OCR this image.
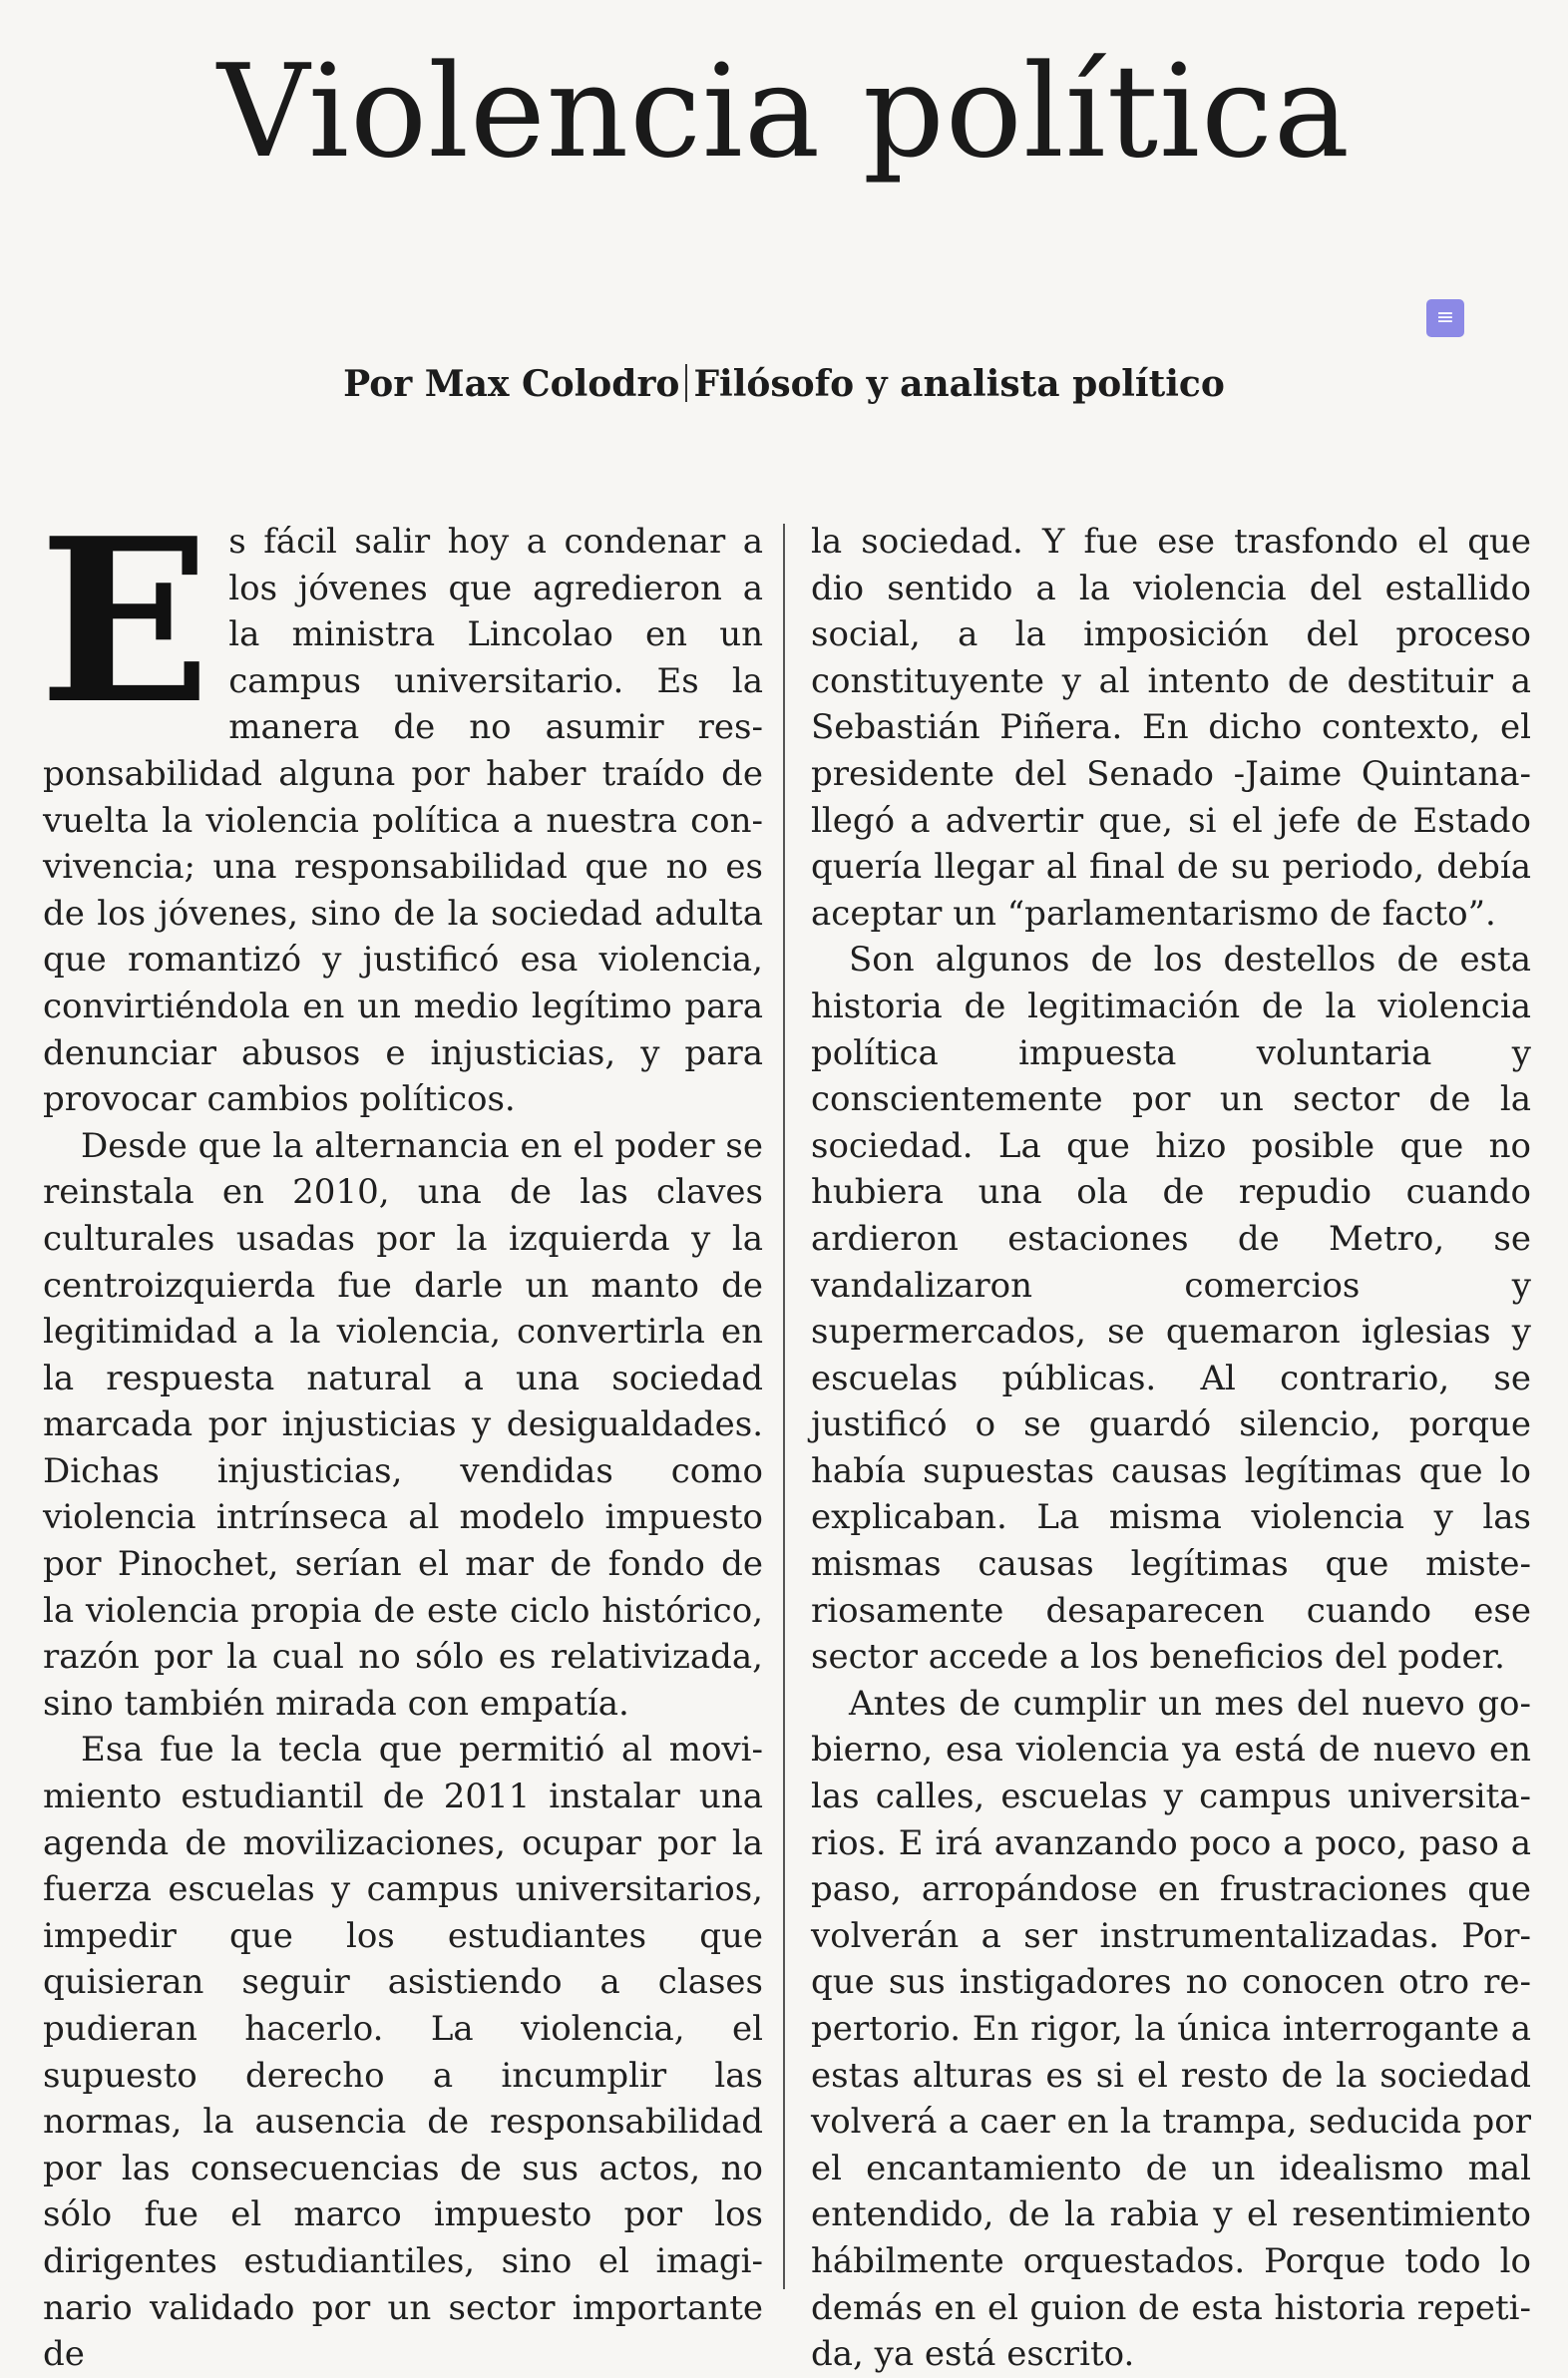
Violencia política
≡
Por Max Colodro Filósofo y analista político

Es fácil salir hoy a condenar a los jóvenes que agredieron a la ministra Lincolao en un campus universitario. Es la manera de no asumir responsabilidad alguna por haber traído de vuelta la violencia política a nuestra convivencia; una responsabilidad que no es de los jóvenes, sino de la sociedad adulta que romantizó y justificó esa violencia, convirtiéndola en un medio legítimo para denunciar abusos e injusticias, y para provocar cambios políticos.

Desde que la alternancia en el poder se reinstala en 2010, una de las claves culturales usadas por la izquierda y la centroizquierda fue darle un manto de legitimidad a la violencia, convertirla en la respuesta natural a una sociedad marcada por injusticias y desigualdades. Dichas injusticias, vendidas como violencia intrínseca al modelo impuesto por Pinochet, serían el mar de fondo de la violencia propia de este ciclo histórico, razón por la cual no sólo es relativizada, sino también mirada con empatía.

Esa fue la tecla que permitió al movimiento estudiantil de 2011 instalar una agenda de movilizaciones, ocupar por la fuerza escuelas y campus universitarios, impedir que los estudiantes que quisieran seguir asistiendo a clases pudieran hacerlo. La violencia, el supuesto derecho a incumplir las normas, la ausencia de responsabilidad por las consecuencias de sus actos, no sólo fue el marco impuesto por los dirigentes estudiantiles, sino el imaginario validado por un sector importante de

la sociedad. Y fue ese trasfondo el que dio sentido a la violencia del estallido social, a la imposición del proceso constituyente y al intento de destituir a Sebastián Piñera. En dicho contexto, el presidente del Senado -Jaime Quintana- llegó a advertir que, si el jefe de Estado quería llegar al final de su periodo, debía aceptar un “parlamentarismo de facto”.

Son algunos de los destellos de esta historia de legitimación de la violencia política impuesta voluntaria y conscientemente por un sector de la sociedad. La que hizo posible que no hubiera una ola de repudio cuando ardieron estaciones de Metro, se vandalizaron comercios y supermercados, se quemaron iglesias y escuelas públicas. Al contrario, se justificó o se guardó silencio, porque había supuestas causas legítimas que lo explicaban. La misma violencia y las mismas causas legítimas que misteriosamente desaparecen cuando ese sector accede a los beneficios del poder.

Antes de cumplir un mes del nuevo gobierno, esa violencia ya está de nuevo en las calles, escuelas y campus universitarios. E irá avanzando poco a poco, paso a paso, arropándose en frustraciones que volverán a ser instrumentalizadas. Porque sus instigadores no conocen otro repertorio. En rigor, la única interrogante a estas alturas es si el resto de la sociedad volverá a caer en la trampa, seducida por el encantamiento de un idealismo mal entendido, de la rabia y el resentimiento hábilmente orquestados. Porque todo lo demás en el guion de esta historia repetida, ya está escrito.
